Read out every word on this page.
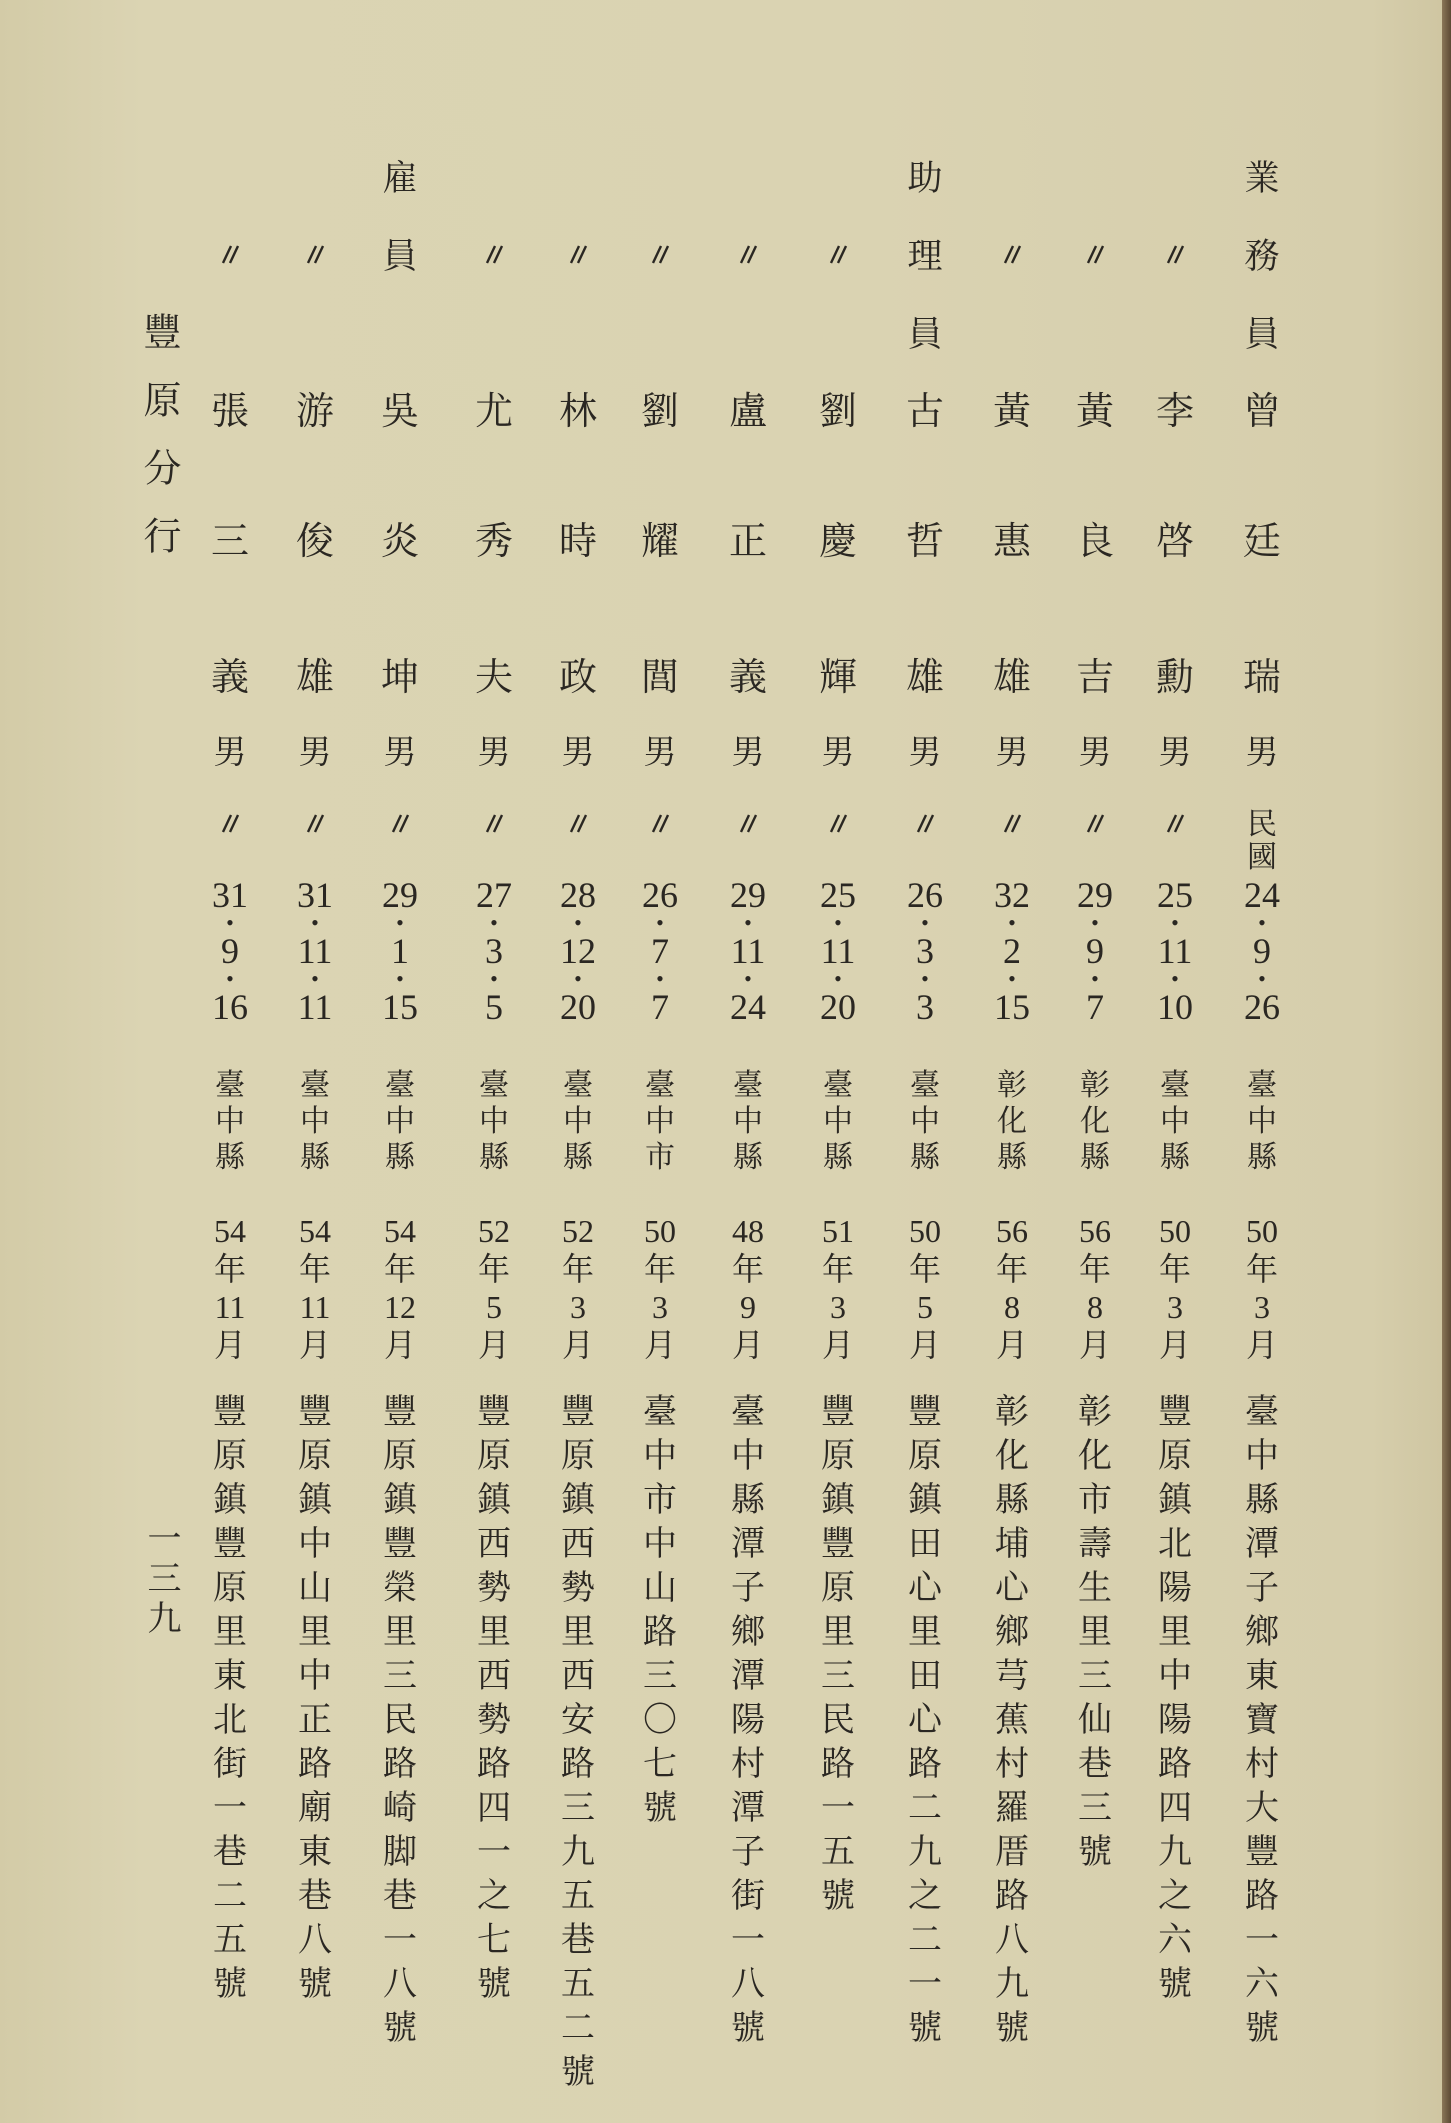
業
務
員
曾
廷
瑞
男
民
國
24
•
9
•
26
臺
中
縣
50
年
3
月
臺
中
縣
潭
子
鄉
東
寶
村
大
豐
路
一
六
號
李
啓
勳
男
25
•
11
•
10
臺
中
縣
50
年
3
月
豐
原
鎮
北
陽
里
中
陽
路
四
九
之
六
號
黃
良
吉
男
29
•
9
•
7
彰
化
縣
56
年
8
月
彰
化
市
壽
生
里
三
仙
巷
三
號
黃
惠
雄
男
32
•
2
•
15
彰
化
縣
56
年
8
月
彰
化
縣
埔
心
鄉
芎
蕉
村
羅
厝
路
八
九
號
助
理
員
古
哲
雄
男
26
•
3
•
3
臺
中
縣
50
年
5
月
豐
原
鎮
田
心
里
田
心
路
二
九
之
二
一
號
劉
慶
輝
男
25
•
11
•
20
臺
中
縣
51
年
3
月
豐
原
鎮
豐
原
里
三
民
路
一
五
號
盧
正
義
男
29
•
11
•
24
臺
中
縣
48
年
9
月
臺
中
縣
潭
子
鄉
潭
陽
村
潭
子
街
一
八
號
劉
耀
閭
男
26
•
7
•
7
臺
中
市
50
年
3
月
臺
中
市
中
山
路
三
〇
七
號
林
時
政
男
28
•
12
•
20
臺
中
縣
52
年
3
月
豐
原
鎮
西
勢
里
西
安
路
三
九
五
巷
五
二
號
尤
秀
夫
男
27
•
3
•
5
臺
中
縣
52
年
5
月
豐
原
鎮
西
勢
里
西
勢
路
四
一
之
七
號
雇
員
吳
炎
坤
男
29
•
1
•
15
臺
中
縣
54
年
12
月
豐
原
鎮
豐
榮
里
三
民
路
崎
脚
巷
一
八
號
游
俊
雄
男
31
•
11
•
11
臺
中
縣
54
年
11
月
豐
原
鎮
中
山
里
中
正
路
廟
東
巷
八
號
張
三
義
男
31
•
9
•
16
臺
中
縣
54
年
11
月
豐
原
鎮
豐
原
里
東
北
街
一
巷
二
五
號
豐原分行
一三九
